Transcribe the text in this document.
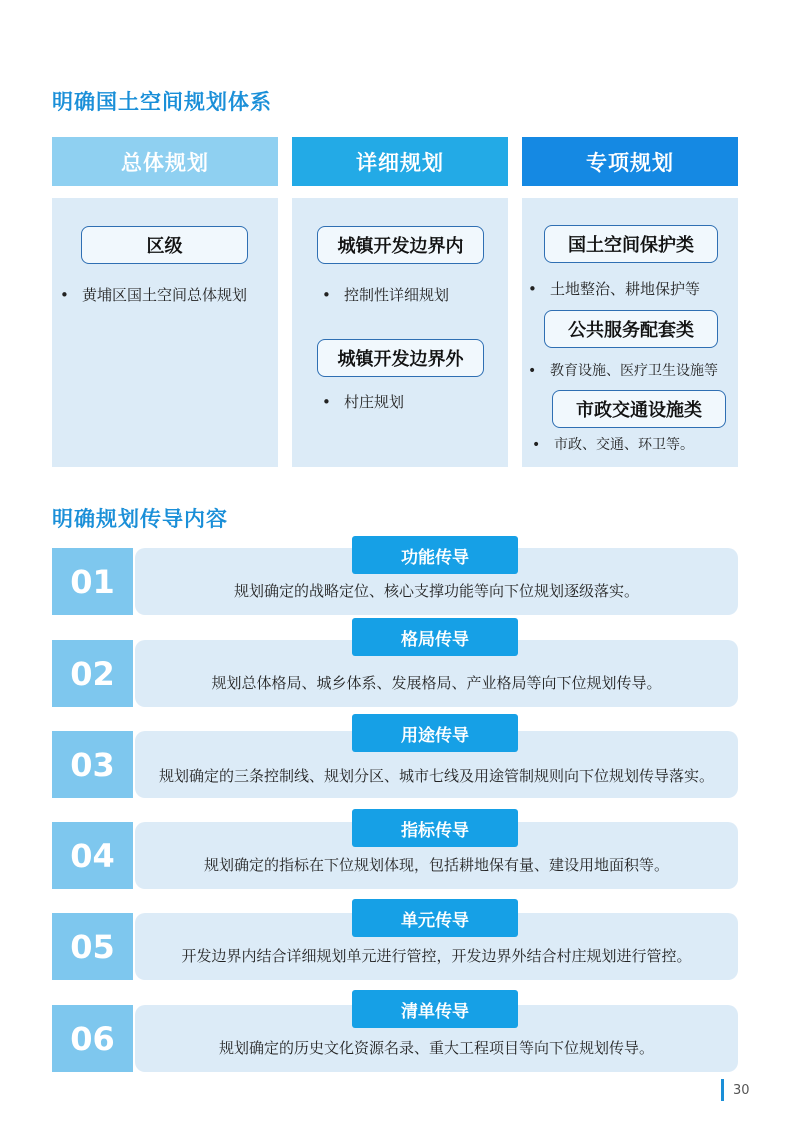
明确国土空间规划体系
总体规划	详细规划	专项规划
区级
• 黄埔区国土空间总体规划
城镇开发边界内
• 控制性详细规划
城镇开发边界外
• 村庄规划
国土空间保护类
• 土地整治、耕地保护等
公共服务配套类
• 教育设施、医疗卫生设施等
市政交通设施类
• 市政、交通、环卫等。
明确规划传导内容
规划确定的战略定位、核心支撑功能等向下位规划逐级落实。
01
功能传导
规划总体格局、城乡体系、发展格局、产业格局等向下位规划传导。
02
格局传导
规划确定的三条控制线、规划分区、城市七线及用途管制规则向下位规划传导落实。
03
用途传导
规划确定的指标在下位规划体现，包括耕地保有量、建设用地面积等。
04
指标传导
开发边界内结合详细规划单元进行管控，开发边界外结合村庄规划进行管控。
05
单元传导
规划确定的历史文化资源名录、重大工程项目等向下位规划传导。
06
清单传导
30
